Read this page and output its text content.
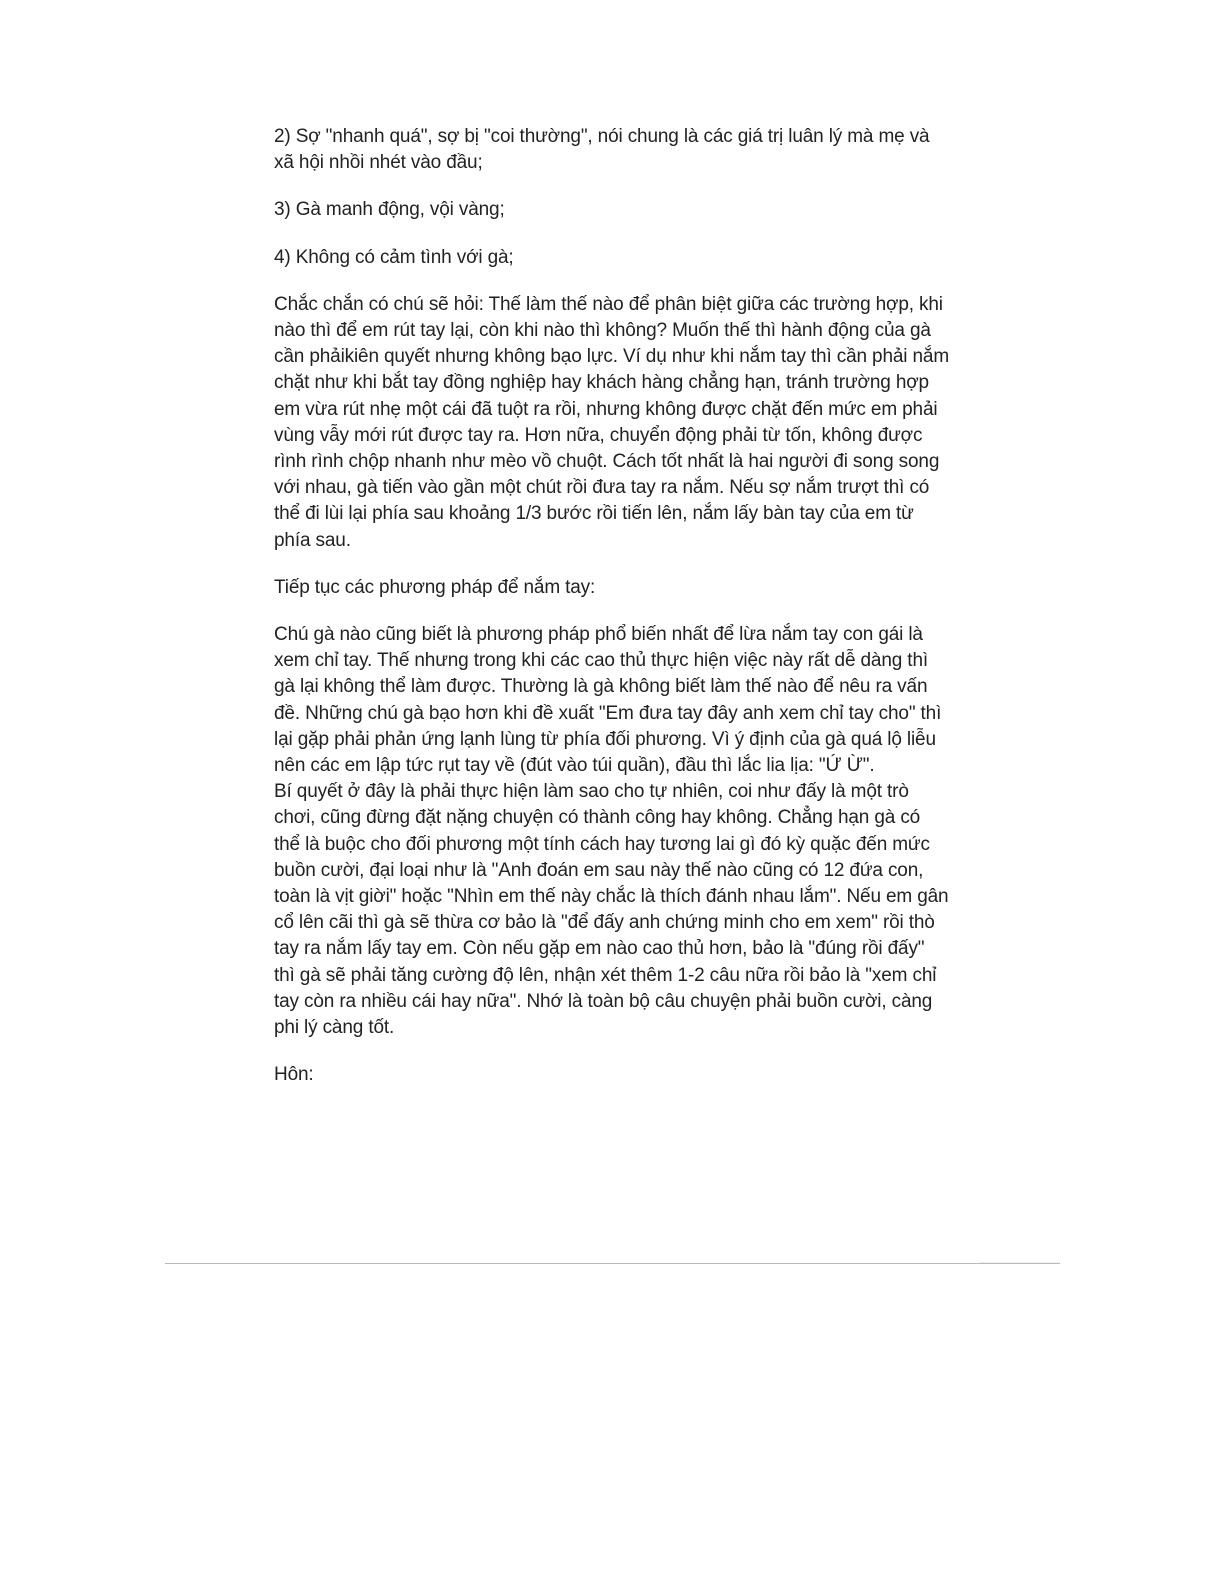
2) Sợ "nhanh quá", sợ bị "coi thường", nói chung là các giá trị luân lý mà mẹ và xã hội nhồi nhét vào đầu;

3) Gà manh động, vội vàng;

4) Không có cảm tình với gà;

Chắc chắn có chú sẽ hỏi: Thế làm thế nào để phân biệt giữa các trường hợp, khi nào thì để em rút tay lại, còn khi nào thì không? Muốn thế thì hành động của gà cần phảikiên quyết nhưng không bạo lực. Ví dụ như khi nắm tay thì cần phải nắm chặt như khi bắt tay đồng nghiệp hay khách hàng chẳng hạn, tránh trường hợp em vừa rút nhẹ một cái đã tuột ra rồi, nhưng không được chặt đến mức em phải vùng vẫy mới rút được tay ra. Hơn nữa, chuyển động phải từ tốn, không được rình rình chộp nhanh như mèo vồ chuột. Cách tốt nhất là hai người đi song song với nhau, gà tiến vào gần một chút rồi đưa tay ra nắm. Nếu sợ nắm trượt thì có thể đi lùi lại phía sau khoảng 1/3 bước rồi tiến lên, nắm lấy bàn tay của em từ phía sau.

Tiếp tục các phương pháp để nắm tay:

Chú gà nào cũng biết là phương pháp phổ biến nhất để lừa nắm tay con gái là xem chỉ tay. Thế nhưng trong khi các cao thủ thực hiện việc này rất dễ dàng thì gà lại không thể làm được. Thường là gà không biết làm thế nào để nêu ra vấn đề. Những chú gà bạo hơn khi đề xuất "Em đưa tay đây anh xem chỉ tay cho" thì lại gặp phải phản ứng lạnh lùng từ phía đối phương. Vì ý định của gà quá lộ liễu nên các em lập tức rụt tay về (đút vào túi quần), đầu thì lắc lia lịa: "Ứ Ừ".

Bí quyết ở đây là phải thực hiện làm sao cho tự nhiên, coi như đấy là một trò chơi, cũng đừng đặt nặng chuyện có thành công hay không. Chẳng hạn gà có thể là buộc cho đối phương một tính cách hay tương lai gì đó kỳ quặc đến mức buồn cười, đại loại như là "Anh đoán em sau này thế nào cũng có 12 đứa con, toàn là vịt giời" hoặc "Nhìn em thế này chắc là thích đánh nhau lắm". Nếu em gân cổ lên cãi thì gà sẽ thừa cơ bảo là "để đấy anh chứng minh cho em xem" rồi thò tay ra nắm lấy tay em. Còn nếu gặp em nào cao thủ hơn, bảo là "đúng rồi đấy" thì gà sẽ phải tăng cường độ lên, nhận xét thêm 1-2 câu nữa rồi bảo là "xem chỉ tay còn ra nhiều cái hay nữa". Nhớ là toàn bộ câu chuyện phải buồn cười, càng phi lý càng tốt.

Hôn:
